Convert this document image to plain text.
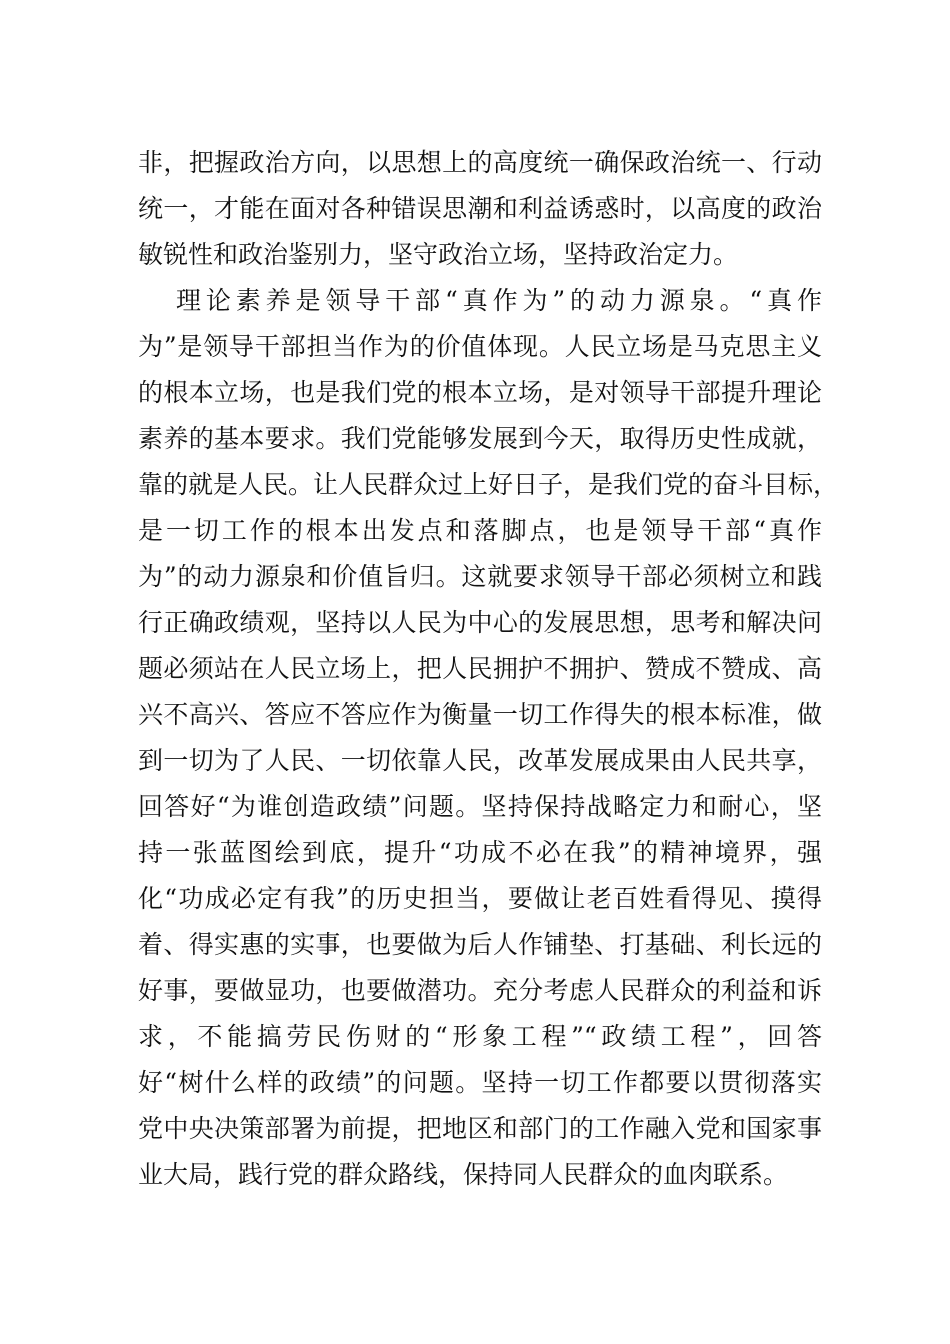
非，把握政治方向，以思想上的高度统一确保政治统一、行动
统一，才能在面对各种错误思潮和利益诱惑时，以高度的政治
敏锐性和政治鉴别力，坚守政治立场，坚持政治定力。
理论素养是领导干部“真作为”的动力源泉。“真作
为”是领导干部担当作为的价值体现。人民立场是马克思主义
的根本立场，也是我们党的根本立场，是对领导干部提升理论
素养的基本要求。我们党能够发展到今天，取得历史性成就，
靠的就是人民。让人民群众过上好日子，是我们党的奋斗目标，
是一切工作的根本出发点和落脚点，也是领导干部“真作
为”的动力源泉和价值旨归。这就要求领导干部必须树立和践
行正确政绩观，坚持以人民为中心的发展思想，思考和解决问
题必须站在人民立场上，把人民拥护不拥护、赞成不赞成、高
兴不高兴、答应不答应作为衡量一切工作得失的根本标准，做
到一切为了人民、一切依靠人民，改革发展成果由人民共享，
回答好“为谁创造政绩”问题。坚持保持战略定力和耐心，坚
持一张蓝图绘到底，提升“功成不必在我”的精神境界，强
化“功成必定有我”的历史担当，要做让老百姓看得见、摸得
着、得实惠的实事，也要做为后人作铺垫、打基础、利长远的
好事，要做显功，也要做潜功。充分考虑人民群众的利益和诉
求，不能搞劳民伤财的“形象工程”“政绩工程”，回答
好“树什么样的政绩”的问题。坚持一切工作都要以贯彻落实
党中央决策部署为前提，把地区和部门的工作融入党和国家事
业大局，践行党的群众路线，保持同人民群众的血肉联系。
